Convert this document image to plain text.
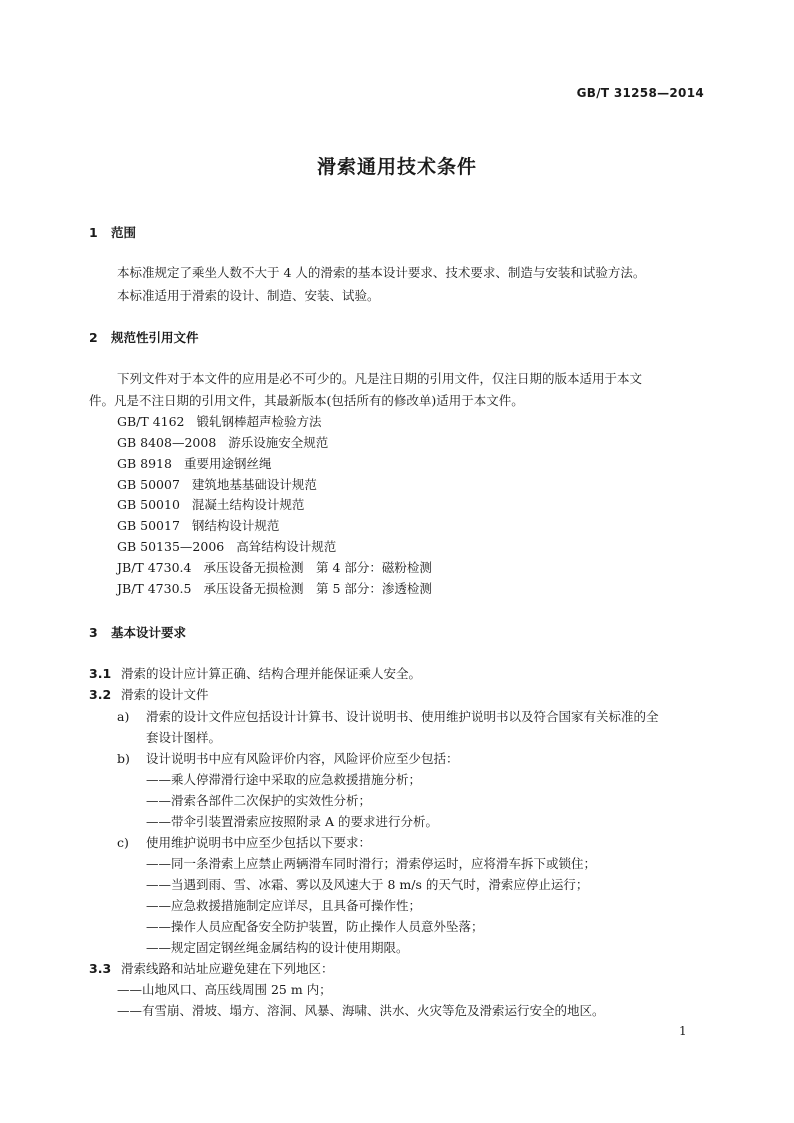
GB/T 31258—2014
滑索通用技术条件
1 范围
本标准规定了乘坐人数不大于 4 人的滑索的基本设计要求、技术要求、制造与安装和试验方法。
本标准适用于滑索的设计、制造、安装、试验。
2 规范性引用文件
下列文件对于本文件的应用是必不可少的。凡是注日期的引用文件，仅注日期的版本适用于本文
件。凡是不注日期的引用文件，其最新版本(包括所有的修改单)适用于本文件。
GB/T 4162 锻轧钢棒超声检验方法
GB 8408—2008 游乐设施安全规范
GB 8918 重要用途钢丝绳
GB 50007 建筑地基基础设计规范
GB 50010 混凝土结构设计规范
GB 50017 钢结构设计规范
GB 50135—2006 高耸结构设计规范
JB/T 4730.4 承压设备无损检测　第 4 部分：磁粉检测
JB/T 4730.5 承压设备无损检测　第 5 部分：渗透检测
3 基本设计要求
3.1 滑索的设计应计算正确、结构合理并能保证乘人安全。
3.2 滑索的设计文件
a) 滑索的设计文件应包括设计计算书、设计说明书、使用维护说明书以及符合国家有关标准的全
套设计图样。
b) 设计说明书中应有风险评价内容，风险评价应至少包括：
——乘人停滞滑行途中采取的应急救援措施分析；
——滑索各部件二次保护的实效性分析；
——带伞引装置滑索应按照附录 A 的要求进行分析。
c) 使用维护说明书中应至少包括以下要求：
——同一条滑索上应禁止两辆滑车同时滑行；滑索停运时，应将滑车拆下或锁住；
——当遇到雨、雪、冰霜、雾以及风速大于 8 m/s 的天气时，滑索应停止运行；
——应急救援措施制定应详尽，且具备可操作性；
——操作人员应配备安全防护装置，防止操作人员意外坠落；
——规定固定钢丝绳金属结构的设计使用期限。
3.3 滑索线路和站址应避免建在下列地区：
——山地风口、高压线周围 25 m 内；
——有雪崩、滑坡、塌方、溶洞、风暴、海啸、洪水、火灾等危及滑索运行安全的地区。
1
